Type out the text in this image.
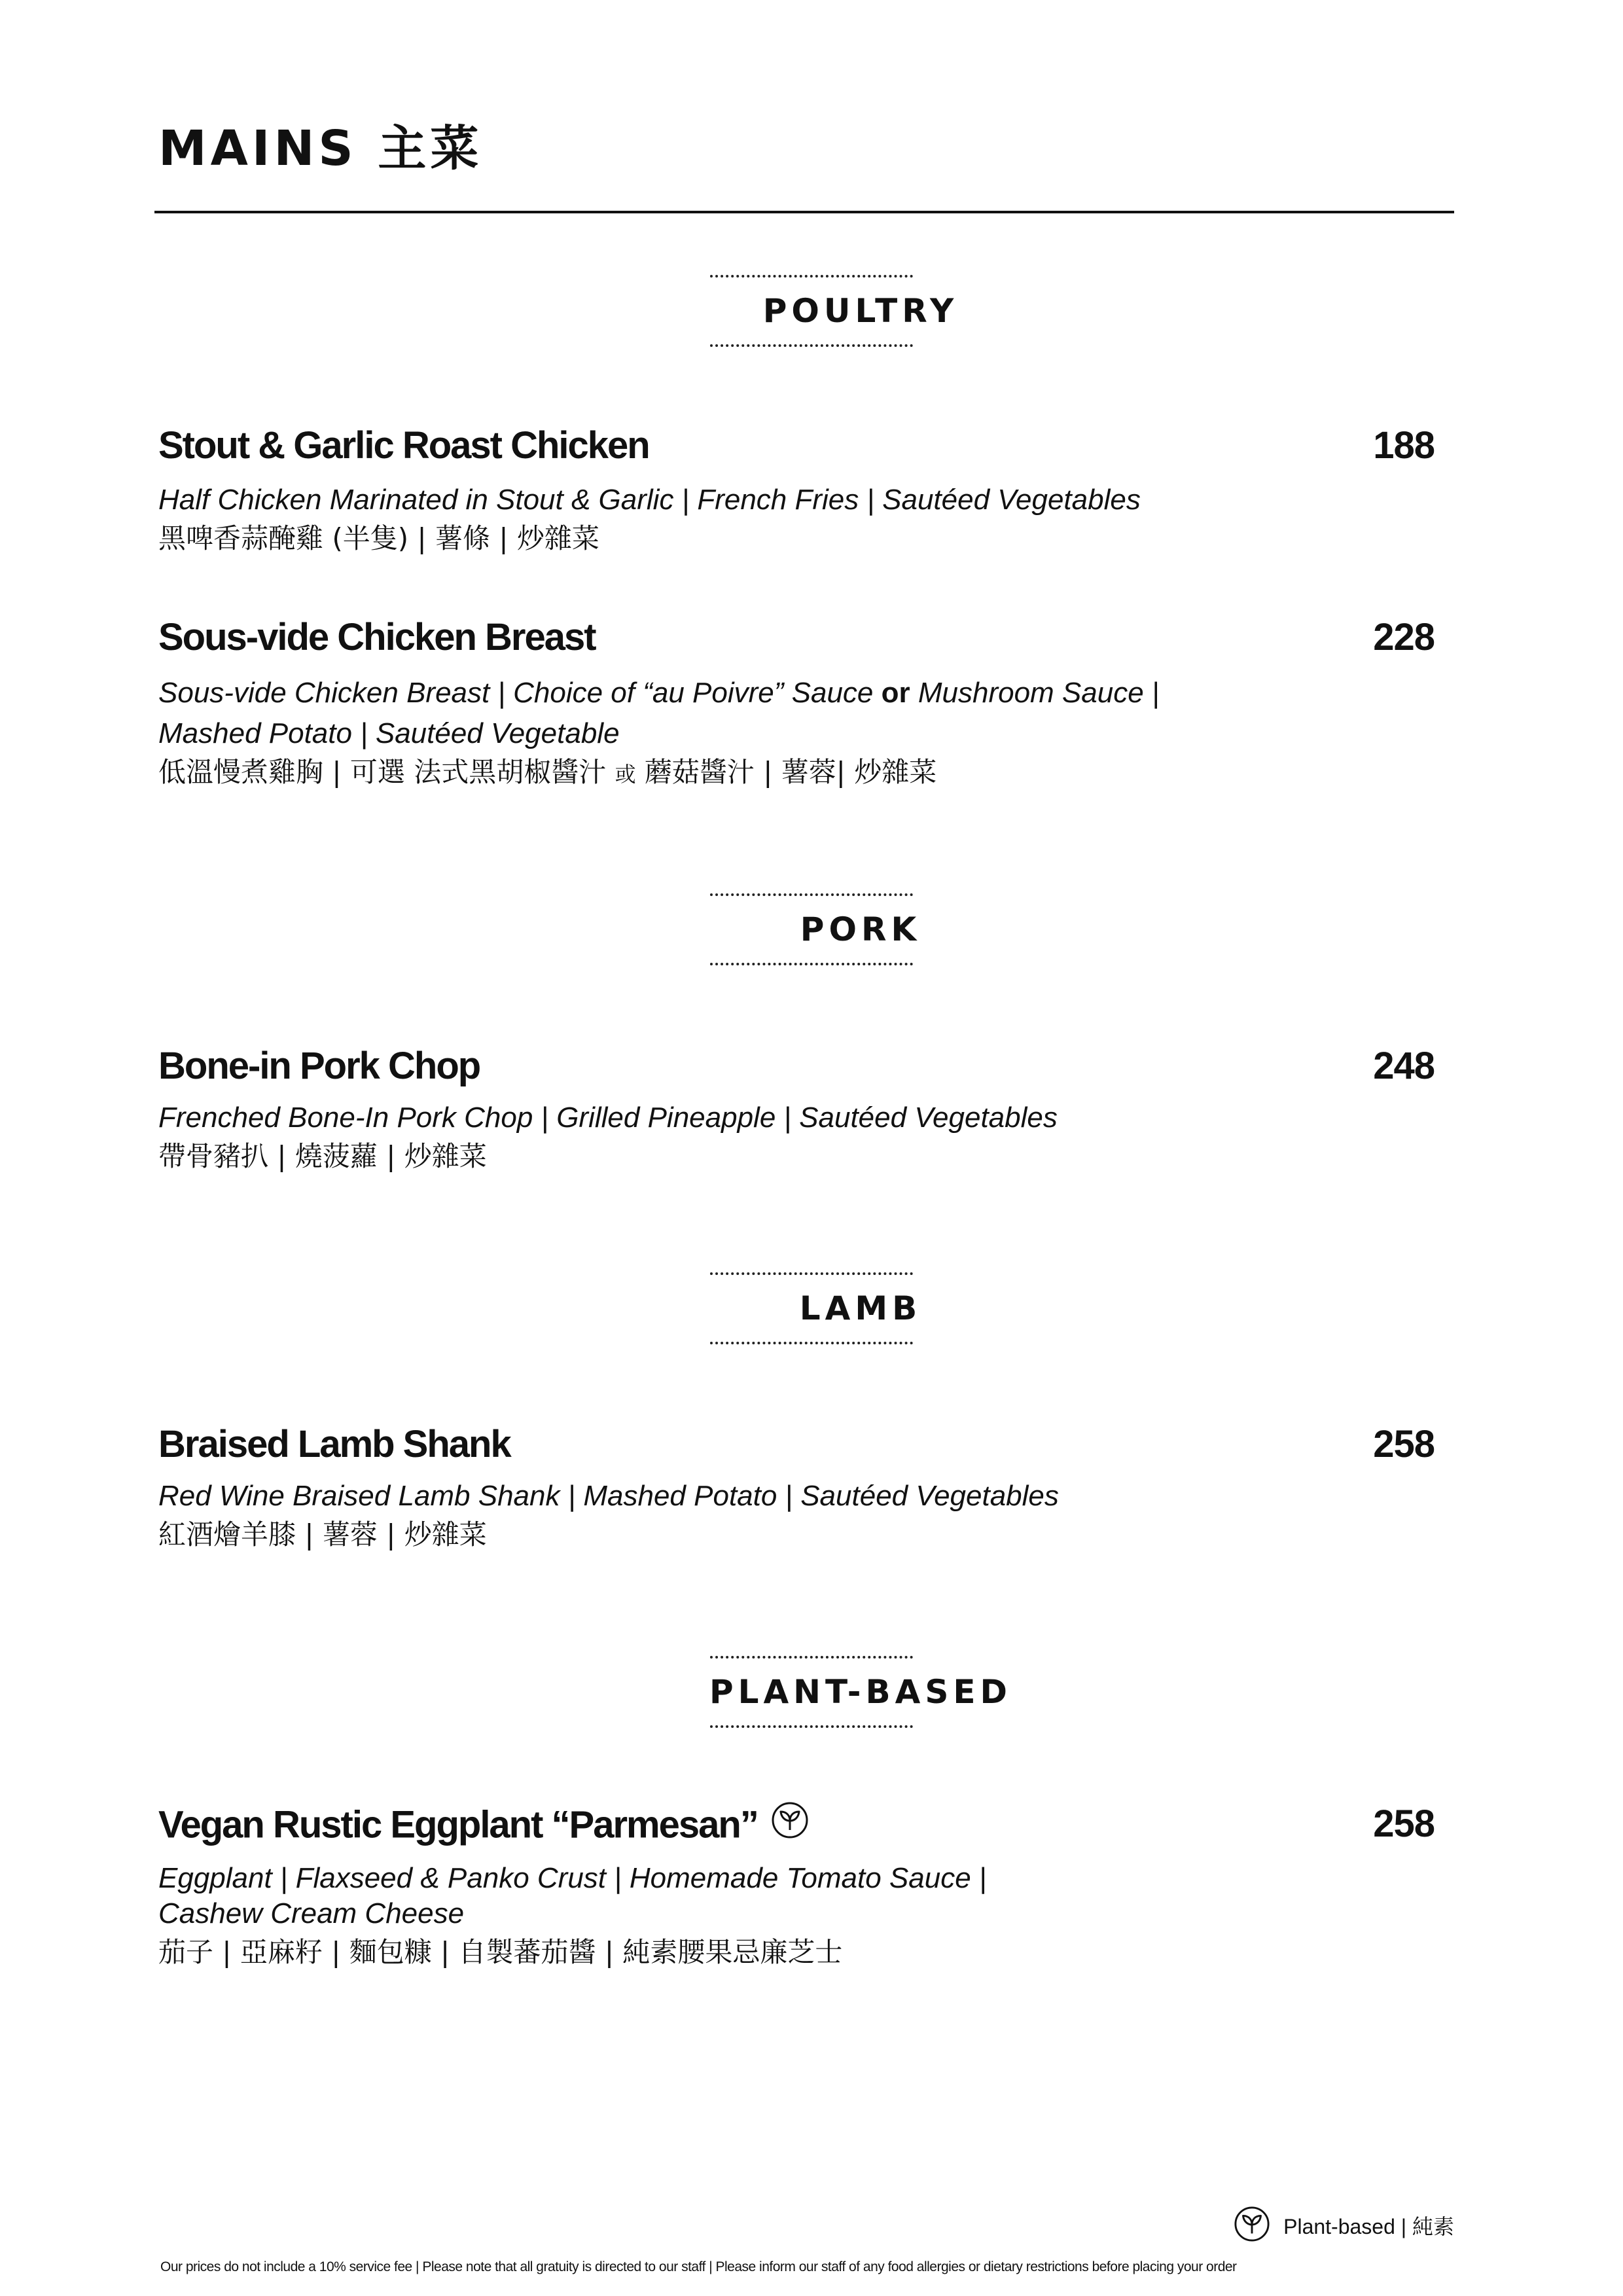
MAINS 主菜
POULTRY
Stout & Garlic Roast Chicken	188

Half Chicken Marinated in Stout & Garlic | French Fries | Sautéed Vegetables

黑啤香蒜醃雞 (半隻) | 薯條 | 炒雜菜

Sous-vide Chicken Breast	228

Sous-vide Chicken Breast | Choice of “au Poivre” Sauce or Mushroom Sauce |

Mashed Potato | Sautéed Vegetable

低溫慢煮雞胸 | 可選 法式黑胡椒醬汁 或 蘑菇醬汁 | 薯蓉| 炒雜菜

PORK
Bone-in Pork Chop	248

Frenched Bone-In Pork Chop | Grilled Pineapple | Sautéed Vegetables

帶骨豬扒 | 燒菠蘿 | 炒雜菜

LAMB
Braised Lamb Shank	258

Red Wine Braised Lamb Shank | Mashed Potato | Sautéed Vegetables

紅酒燴羊膝 | 薯蓉 | 炒雜菜

PLANT-BASED
Vegan Rustic Eggplant “Parmesan”	258

Eggplant | Flaxseed & Panko Crust | Homemade Tomato Sauce |

Cashew Cream Cheese

茄子 | 亞麻籽 | 麵包糠 | 自製蕃茄醬 | 純素腰果忌廉芝士

Plant-based | 純素
Our prices do not include a 10% service fee | Please note that all gratuity is directed to our staff | Please inform our staff of any food allergies or dietary restrictions before placing your order
